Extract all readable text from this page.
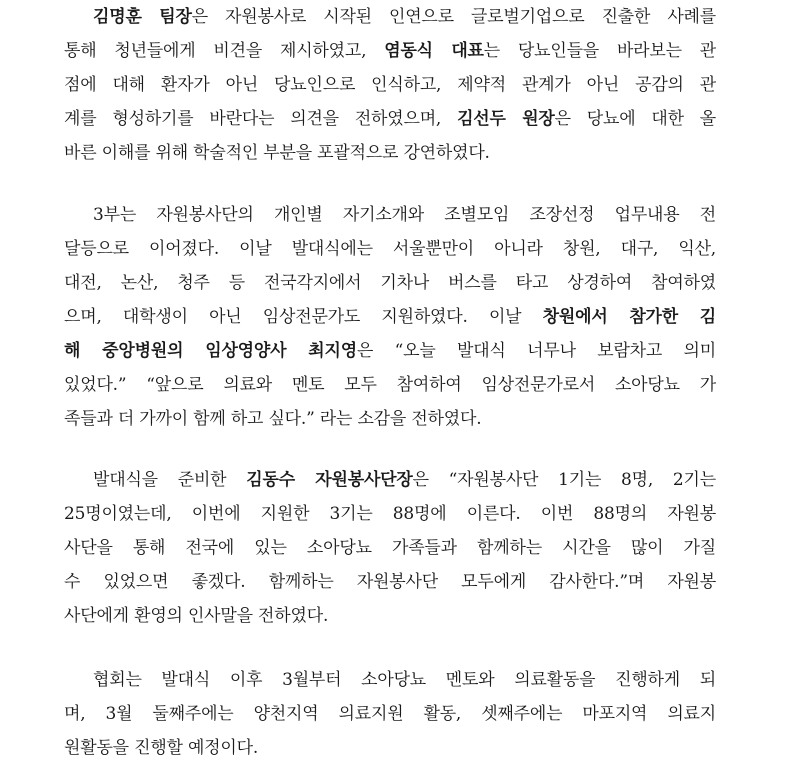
김명훈 팀장은 자원봉사로 시작된 인연으로 글로벌기업으로 진출한 사례를
통해 청년들에게 비견을 제시하였고, 염동식 대표는 당뇨인들을 바라보는 관
점에 대해 환자가 아닌 당뇨인으로 인식하고, 제약적 관계가 아닌 공감의 관
계를 형성하기를 바란다는 의견을 전하였으며, 김선두 원장은 당뇨에 대한 올
바른 이해를 위해 학술적인 부분을 포괄적으로 강연하였다.
3부는 자원봉사단의 개인별 자기소개와 조별모임 조장선정 업무내용 전
달등으로 이어졌다. 이날 발대식에는 서울뿐만이 아니라 창원, 대구, 익산,
대전, 논산, 청주 등 전국각지에서 기차나 버스를 타고 상경하여 참여하였
으며, 대학생이 아닌 임상전문가도 지원하였다. 이날 창원에서 참가한 김
해 중앙병원의 임상영양사 최지영은 “오늘 발대식 너무나 보람차고 의미
있었다.” “앞으로 의료와 멘토 모두 참여하여 임상전문가로서 소아당뇨 가
족들과 더 가까이 함께 하고 싶다.” 라는 소감을 전하였다.
발대식을 준비한 김동수 자원봉사단장은 “자원봉사단 1기는 8명, 2기는
25명이였는데, 이번에 지원한 3기는 88명에 이른다. 이번 88명의 자원봉
사단을 통해 전국에 있는 소아당뇨 가족들과 함께하는 시간을 많이 가질
수 있었으면 좋겠다. 함께하는 자원봉사단 모두에게 감사한다.”며 자원봉
사단에게 환영의 인사말을 전하였다.
협회는 발대식 이후 3월부터 소아당뇨 멘토와 의료활동을 진행하게 되
며, 3월 둘째주에는 양천지역 의료지원 활동, 셋째주에는 마포지역 의료지
원활동을 진행할 예정이다.
